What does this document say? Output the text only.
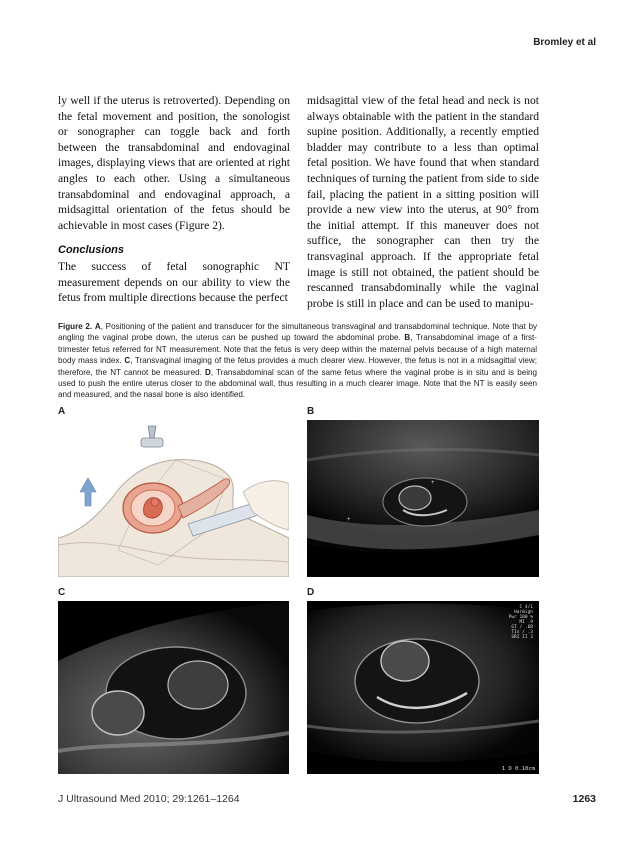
Bromley et al

ly well if the uterus is retroverted). Depending on the fetal movement and position, the sonologist or sonographer can toggle back and forth between the transabdominal and endovaginal images, displaying views that are oriented at right angles to each other. Using a simultaneous transabdominal and endovaginal approach, a midsagittal orientation of the fetus should be achievable in most cases (Figure 2).

Conclusions

The success of fetal sonographic NT measurement depends on our ability to view the fetus from multiple directions because the perfect

midsagittal view of the fetal head and neck is not always obtainable with the patient in the standard supine position. Additionally, a recently emptied bladder may contribute to a less than optimal fetal position. We have found that when standard techniques of turning the patient from side to side fail, placing the patient in a sitting position will provide a new view into the uterus, at 90° from the initial attempt. If this maneuver does not suffice, the sonographer can then try the transvaginal approach. If the appropriate fetal image is still not obtained, the patient should be rescanned transabdominally while the vaginal probe is still in place and can be used to manipu-

Figure 2. A, Positioning of the patient and transducer for the simultaneous transvaginal and transabdominal technique. Note that by angling the vaginal probe down, the uterus can be pushed up toward the abdominal probe. B, Transabdominal image of a first-trimester fetus referred for NT measurement. Note that the fetus is very deep within the maternal pelvis because of a high maternal body mass index. C, Transvaginal imaging of the fetus provides a much clearer view. However, the fetus is not in a midsagittal view; therefore, the NT cannot be measured. D, Transabdominal scan of the same fetus where the vaginal probe is in situ and is being used to push the entire uterus closer to the abdominal wall, thus resulting in a much clearer image. Note that the NT is easily seen and measured, and the nasal bone is also identified.
A	B
C	D
+
+
C 4/1
Harmigh
Pwr 100 %
MI .9
GT / .6B
TIs / .3
SRI II 3
1 D 0.18cm
J Ultrasound Med 2010; 29:1261–1264	1263
